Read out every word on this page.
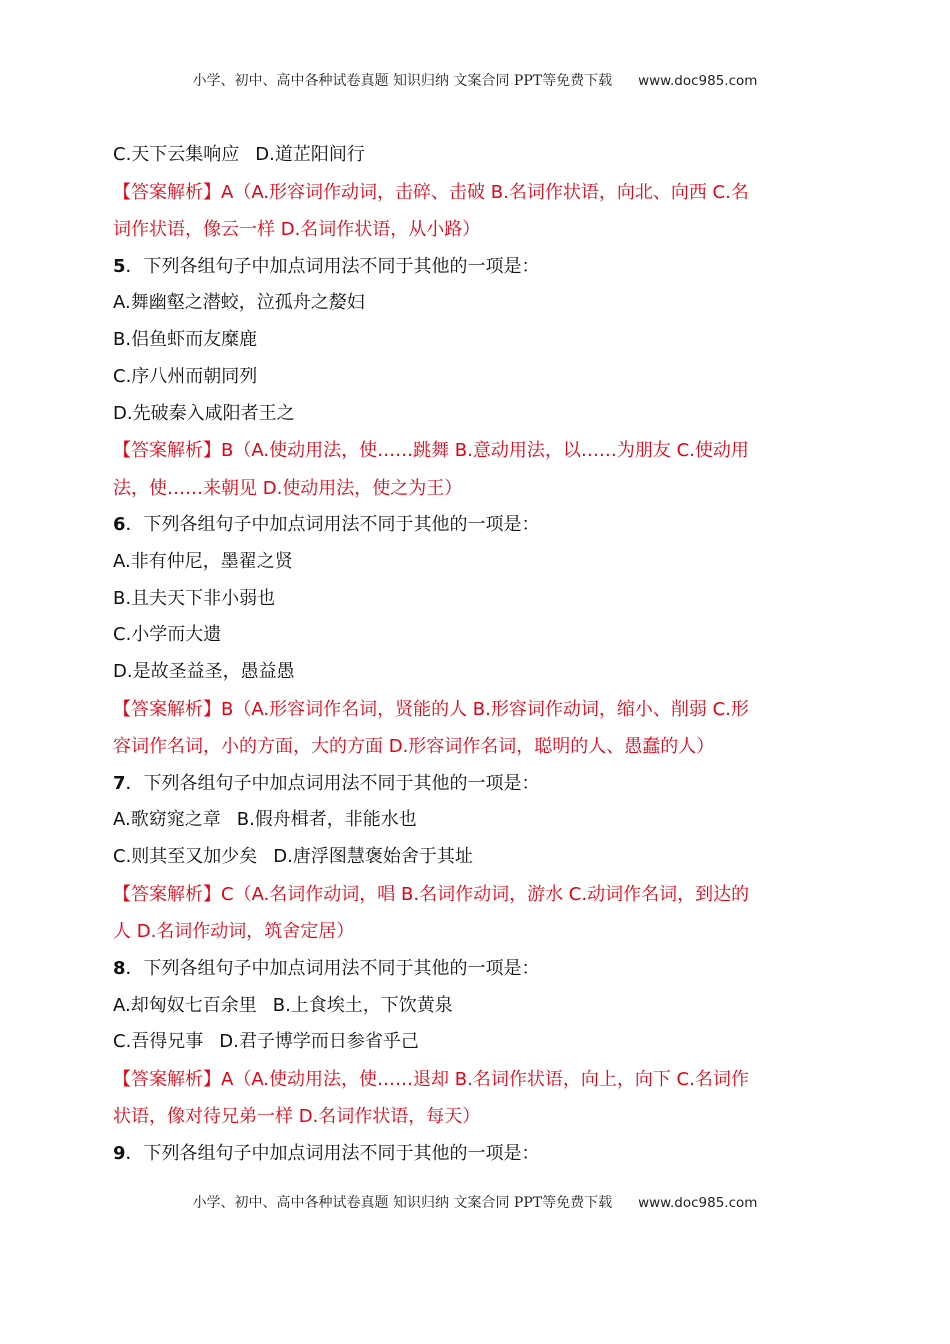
小学、初中、高中各种试卷真题 知识归纳 文案合同 PPT等免费下载 www.doc985.com
C.天下云集响应 D.道芷阳间行
【答案解析】A（A.形容词作动词，击碎、击破 B.名词作状语，向北、向西 C.名
词作状语，像云一样 D.名词作状语，从小路）
5．下列各组句子中加点词用法不同于其他的一项是：
A.舞幽壑之潜蛟，泣孤舟之嫠妇
B.侣鱼虾而友糜鹿
C.序八州而朝同列
D.先破秦入咸阳者王之
【答案解析】B（A.使动用法，使……跳舞 B.意动用法，以……为朋友 C.使动用
法，使……来朝见 D.使动用法，使之为王）
6．下列各组句子中加点词用法不同于其他的一项是：
A.非有仲尼，墨翟之贤
B.且夫天下非小弱也
C.小学而大遗
D.是故圣益圣，愚益愚
【答案解析】B（A.形容词作名词，贤能的人 B.形容词作动词，缩小、削弱 C.形
容词作名词，小的方面，大的方面 D.形容词作名词，聪明的人、愚蠢的人）
7．下列各组句子中加点词用法不同于其他的一项是：
A.歌窈窕之章 B.假舟楫者，非能水也
C.则其至又加少矣 D.唐浮图慧褒始舍于其址
【答案解析】C（A.名词作动词，唱 B.名词作动词，游水 C.动词作名词，到达的
人 D.名词作动词，筑舍定居）
8．下列各组句子中加点词用法不同于其他的一项是：
A.却匈奴七百余里 B.上食埃土，下饮黄泉
C.吾得兄事 D.君子博学而日参省乎己
【答案解析】A（A.使动用法，使……退却 B.名词作状语，向上，向下 C.名词作
状语，像对待兄弟一样 D.名词作状语，每天）
9．下列各组句子中加点词用法不同于其他的一项是：
小学、初中、高中各种试卷真题 知识归纳 文案合同 PPT等免费下载 www.doc985.com
